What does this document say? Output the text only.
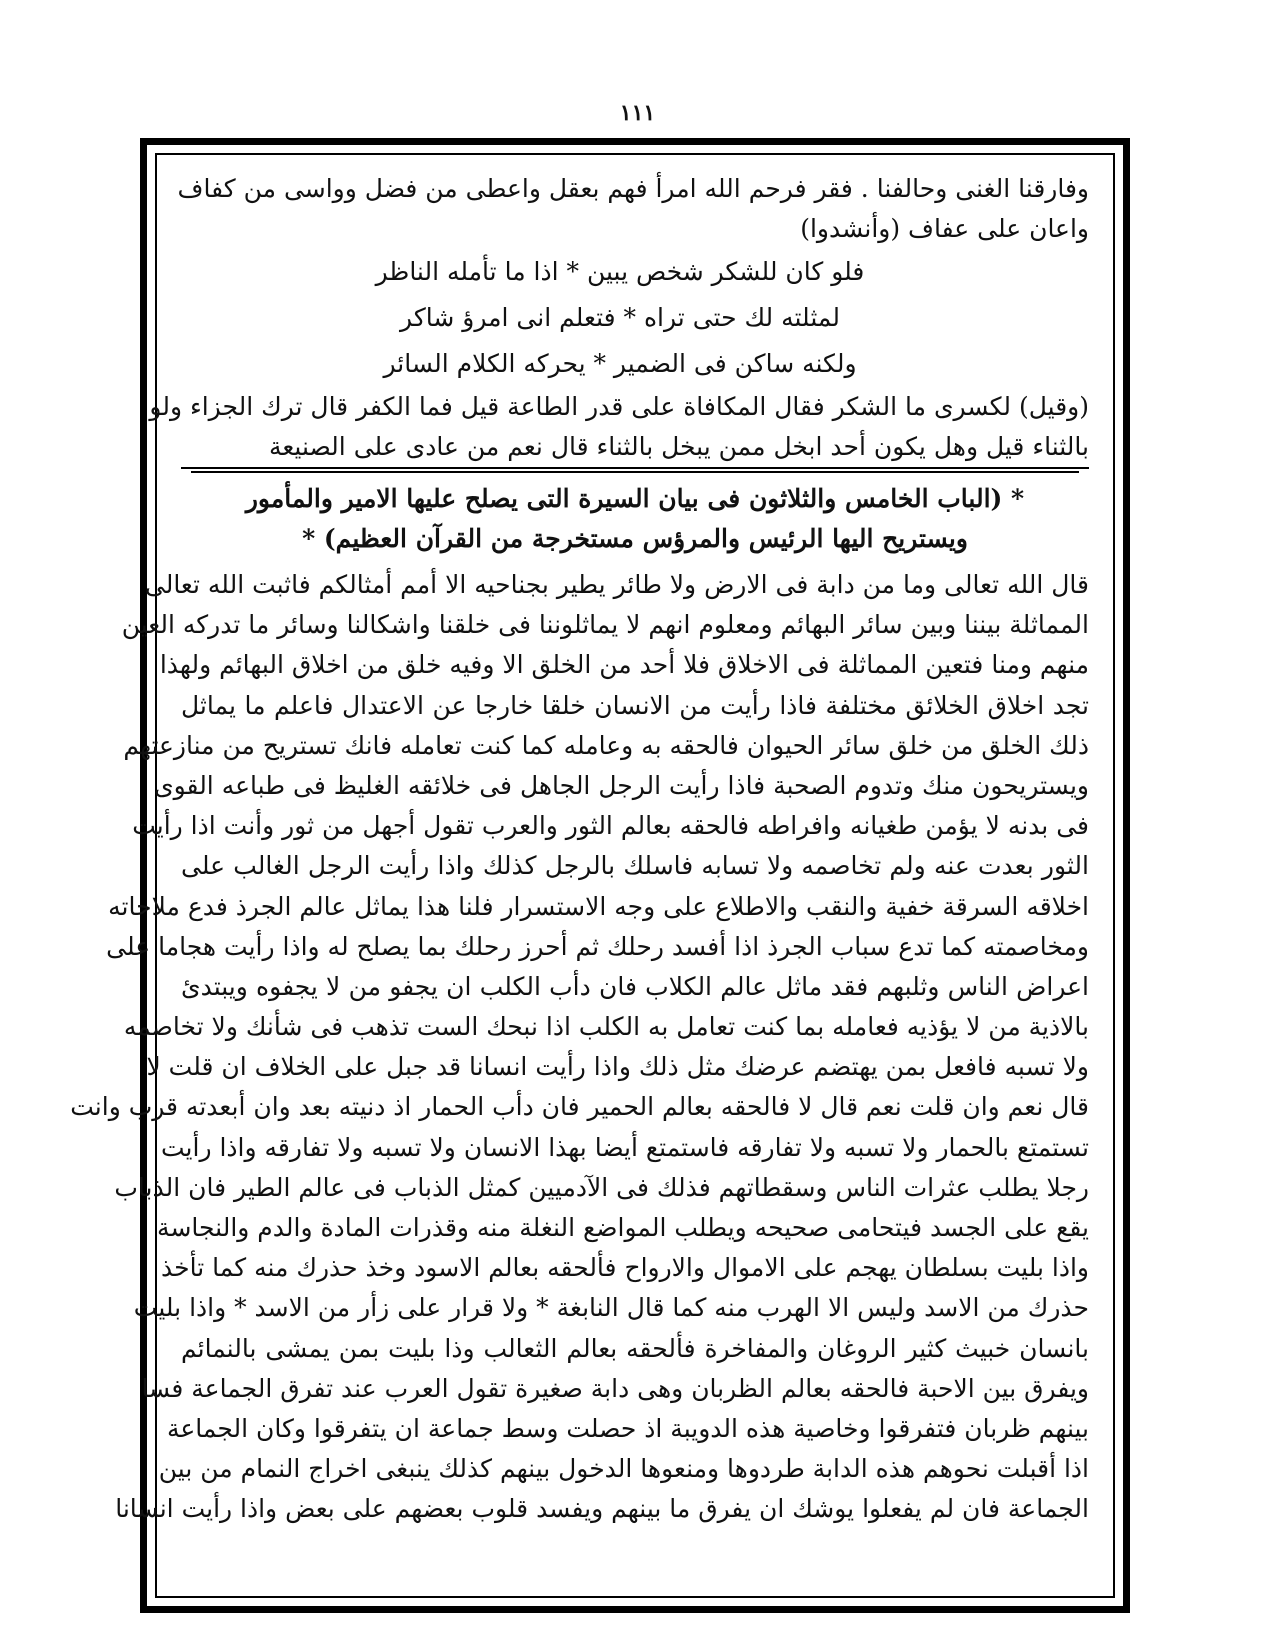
١١١
وفارقنا الغنى وحالفنا . فقر فرحم الله امرأ فهم بعقل واعطى من فضل وواسى من كفاف
واعان على عفاف (وأنشدوا)
فلو كان للشكر شخص يبين * اذا ما تأمله الناظر
لمثلته لك حتى تراه * فتعلم انى امرؤ شاكر
ولكنه ساكن فى الضمير * يحركه الكلام السائر
(وقيل) لكسرى ما الشكر فقال المكافاة على قدر الطاعة قيل فما الكفر قال ترك الجزاء ولو
بالثناء قيل وهل يكون أحد ابخل ممن يبخل بالثناء قال نعم من عادى على الصنيعة
* (الباب الخامس والثلاثون فى بيان السيرة التى يصلح عليها الامير والمأمور
ويستريح اليها الرئيس والمرؤس مستخرجة من القرآن العظيم) *
قال الله تعالى وما من دابة فى الارض ولا طائر يطير بجناحيه الا أمم أمثالكم فاثبت الله تعالى
المماثلة بيننا وبين سائر البهائم ومعلوم انهم لا يماثلوننا فى خلقنا واشكالنا وسائر ما تدركه العين
منهم ومنا فتعين المماثلة فى الاخلاق فلا أحد من الخلق الا وفيه خلق من اخلاق البهائم ولهذا
تجد اخلاق الخلائق مختلفة فاذا رأيت من الانسان خلقا خارجا عن الاعتدال فاعلم ما يماثل
ذلك الخلق من خلق سائر الحيوان فالحقه به وعامله كما كنت تعامله فانك تستريح من منازعتهم
ويستريحون منك وتدوم الصحبة فاذا رأيت الرجل الجاهل فى خلائقه الغليظ فى طباعه القوى
فى بدنه لا يؤمن طغيانه وافراطه فالحقه بعالم الثور والعرب تقول أجهل من ثور وأنت اذا رأيت
الثور بعدت عنه ولم تخاصمه ولا تسابه فاسلك بالرجل كذلك واذا رأيت الرجل الغالب على
اخلاقه السرقة خفية والنقب والاطلاع على وجه الاستسرار فلنا هذا يماثل عالم الجرذ فدع ملاحاته
ومخاصمته كما تدع سباب الجرذ اذا أفسد رحلك ثم أحرز رحلك بما يصلح له واذا رأيت هجاما على
اعراض الناس وثلبهم فقد ماثل عالم الكلاب فان دأب الكلب ان يجفو من لا يجفوه ويبتدئ
بالاذية من لا يؤذيه فعامله بما كنت تعامل به الكلب اذا نبحك الست تذهب فى شأنك ولا تخاصمه
ولا تسبه فافعل بمن يهتضم عرضك مثل ذلك واذا رأيت انسانا قد جبل على الخلاف ان قلت لا
قال نعم وان قلت نعم قال لا فالحقه بعالم الحمير فان دأب الحمار اذ دنيته بعد وان أبعدته قرب وانت
تستمتع بالحمار ولا تسبه ولا تفارقه فاستمتع أيضا بهذا الانسان ولا تسبه ولا تفارقه واذا رأيت
رجلا يطلب عثرات الناس وسقطاتهم فذلك فى الآدميين كمثل الذباب فى عالم الطير فان الذباب
يقع على الجسد فيتحامى صحيحه ويطلب المواضع النغلة منه وقذرات المادة والدم والنجاسة
واذا بليت بسلطان يهجم على الاموال والارواح فألحقه بعالم الاسود وخذ حذرك منه كما تأخذ
حذرك من الاسد وليس الا الهرب منه كما قال النابغة * ولا قرار على زأر من الاسد * واذا بليت
بانسان خبيث كثير الروغان والمفاخرة فألحقه بعالم الثعالب وذا بليت بمن يمشى بالنمائم
ويفرق بين الاحبة فالحقه بعالم الظربان وهى دابة صغيرة تقول العرب عند تفرق الجماعة فسا
بينهم ظربان فتفرقوا وخاصية هذه الدويبة اذ حصلت وسط جماعة ان يتفرقوا وكان الجماعة
اذا أقبلت نحوهم هذه الدابة طردوها ومنعوها الدخول بينهم كذلك ينبغى اخراج النمام من بين
الجماعة فان لم يفعلوا يوشك ان يفرق ما بينهم ويفسد قلوب بعضهم على بعض واذا رأيت انسانا
